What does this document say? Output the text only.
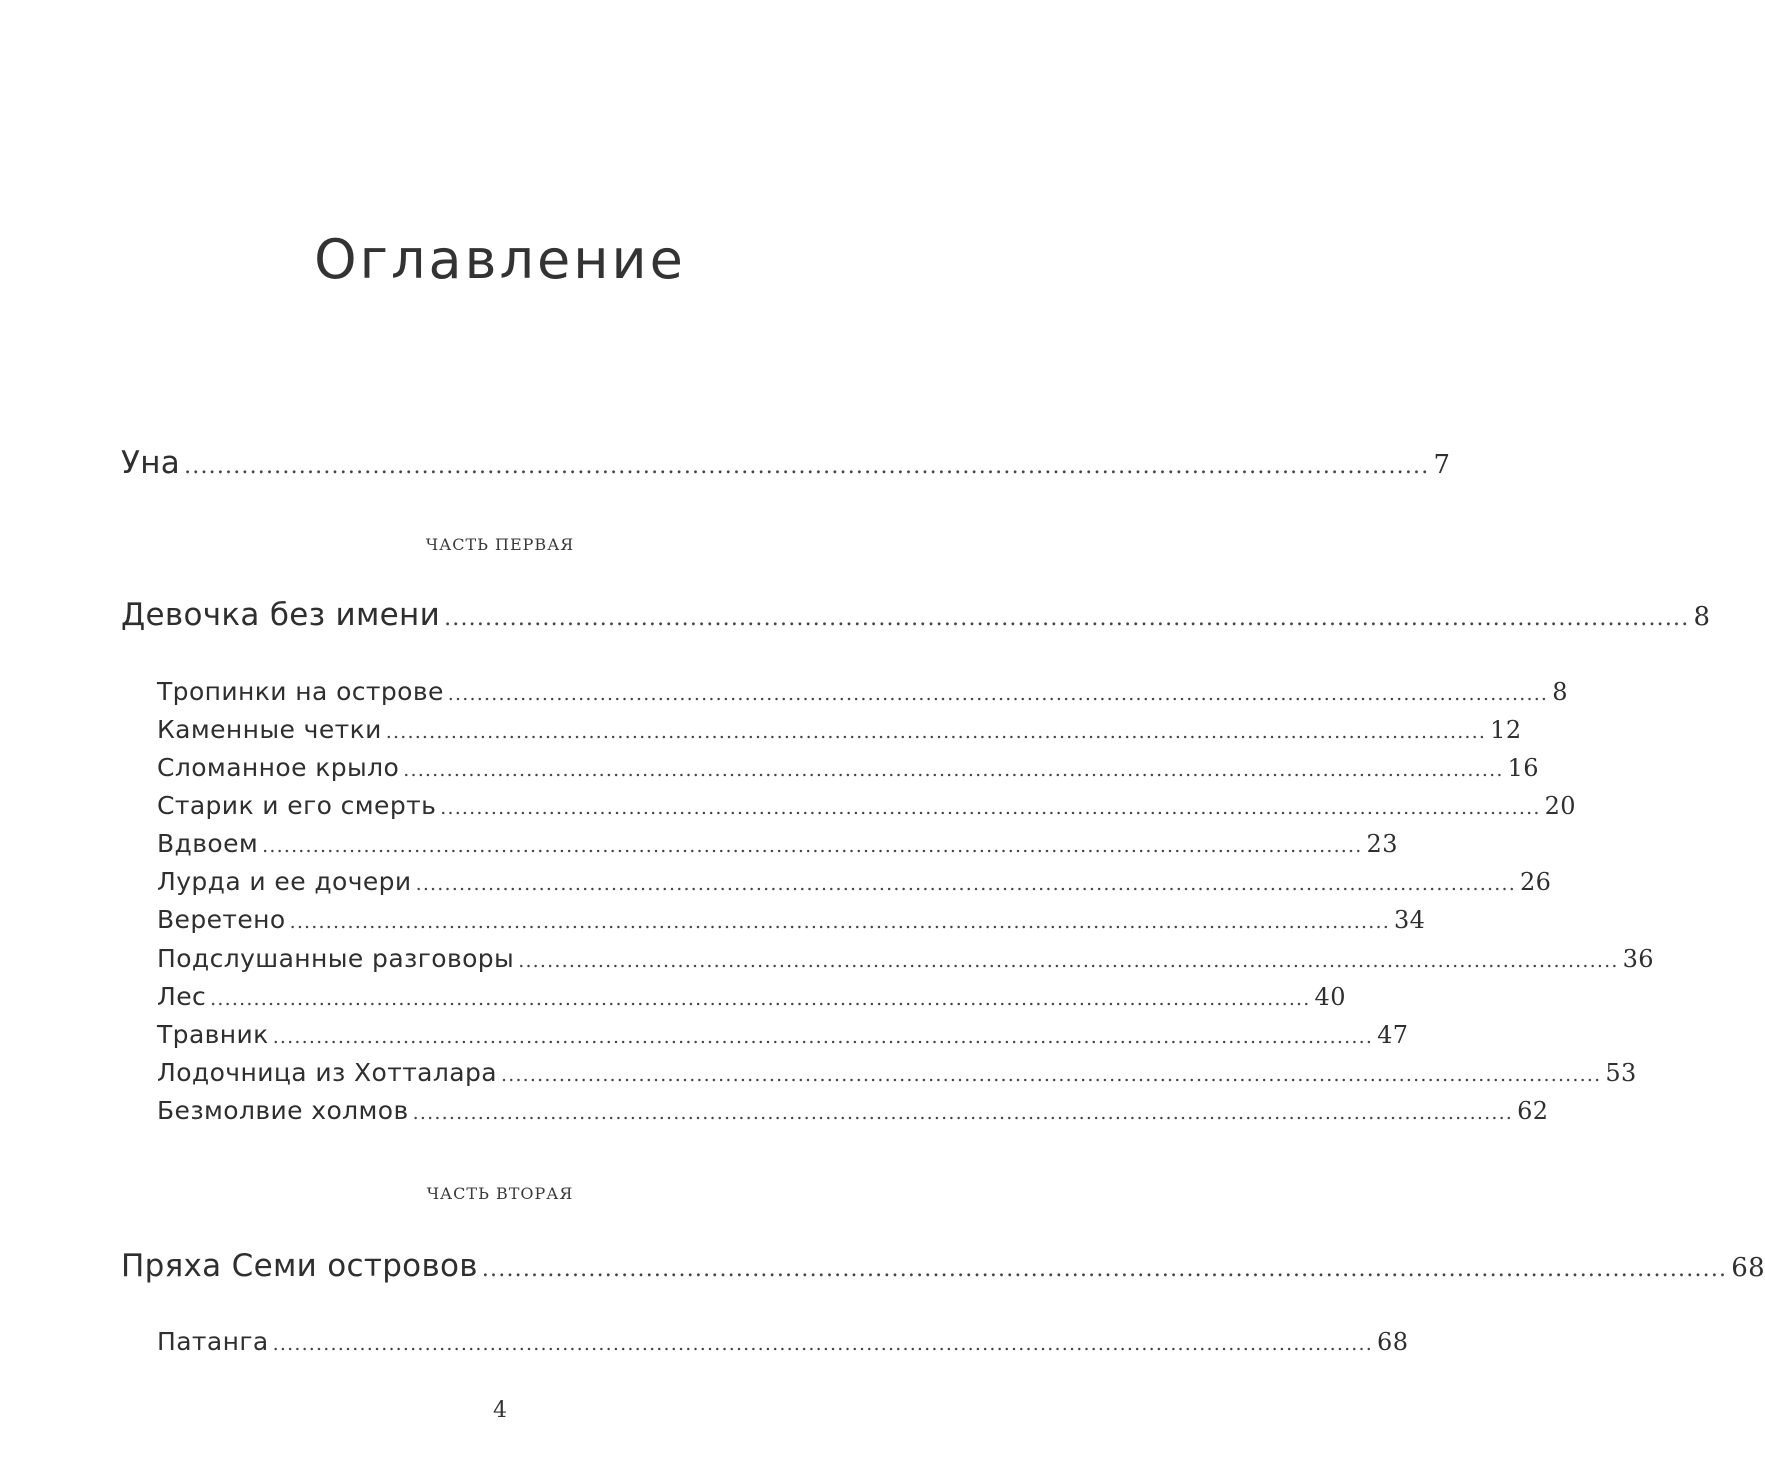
Оглавление
Уна ........................................................................................................................................................ 7
ЧАСТЬ ПЕРВАЯ
Девочка без имени ........................................................................................................................................................ 8
Тропинки на острове ........................................................................................................................................................ 8
Каменные четки ........................................................................................................................................................ 12
Сломанное крыло ........................................................................................................................................................ 16
Старик и его смерть ........................................................................................................................................................ 20
Вдвоем ........................................................................................................................................................ 23
Лурда и ее дочери ........................................................................................................................................................ 26
Веретено ........................................................................................................................................................ 34
Подслушанные разговоры ........................................................................................................................................................ 36
Лес ........................................................................................................................................................ 40
Травник ........................................................................................................................................................ 47
Лодочница из Хотталара ........................................................................................................................................................ 53
Безмолвие холмов ........................................................................................................................................................ 62
ЧАСТЬ ВТОРАЯ
Пряха Семи островов ........................................................................................................................................................ 68
Патанга ........................................................................................................................................................ 68
4
